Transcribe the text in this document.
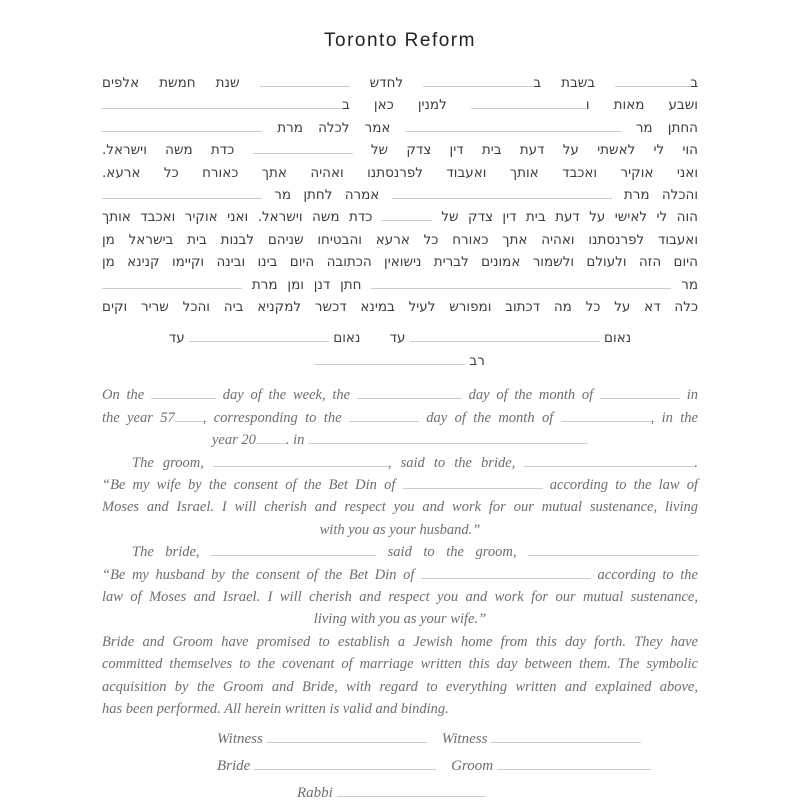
Toronto Reform
ב בשבת ב לחדש  שנת חמשת אלפים
ושבע מאות ו למנין כאן ב
החתן מר  אמר לכלה מרת
הוי לי לאשתי על דעת בית דין צדק של  כדת משה וישראל.
ואני אוקיר ואכבד אותך ואעבוד לפרנסתנו ואהיה אתך כאורח כל ארעא.
והכלה מרת  אמרה לחתן מר
הוה לי לאישי על דעת בית דין צדק של  כדת משה וישראל. ואני אוקיר ואכבד אותך
ואעבוד לפרנסתנו ואהיה אתך כאורח כל ארעא והבטיחו שניהם לבנות בית בישראל מן
היום הזה ולעולם ולשמור אמונים לברית נישואין הכתובה היום בינו ובינה וקיימו קנינא מן
מר  חתן דנן ומן מרת
כלה דא על כל מה דכתוב ומפורש לעיל במינא דכשר למקניא ביה והכל שריר וקים
נאום  עד נאום  עד
רב
On the	day of the week, the	day of the month of	in
the year 57 , corresponding to the	day of the month of	, in the
year 20 . in
The groom,	, said to the bride,	.
“Be my wife by the consent of the Bet Din of	according to the law of
Moses and Israel. I will cherish and respect you and work for our mutual sustenance, living
with you as your husband.”
The bride,	said to the groom,
“Be my husband by the consent of the Bet Din of	according to the
law of Moses and Israel. I will cherish and respect you and work for our mutual sustenance,
living with you as your wife.”
Bride and Groom have promised to establish a Jewish home from this day forth. They have
committed themselves to the covenant of marriage written this day between them. The symbolic
acquisition by the Groom and Bride, with regard to everything written and explained above,
has been performed. All herein written is valid and binding.
Witness	Witness
Bride	Groom
Rabbi
